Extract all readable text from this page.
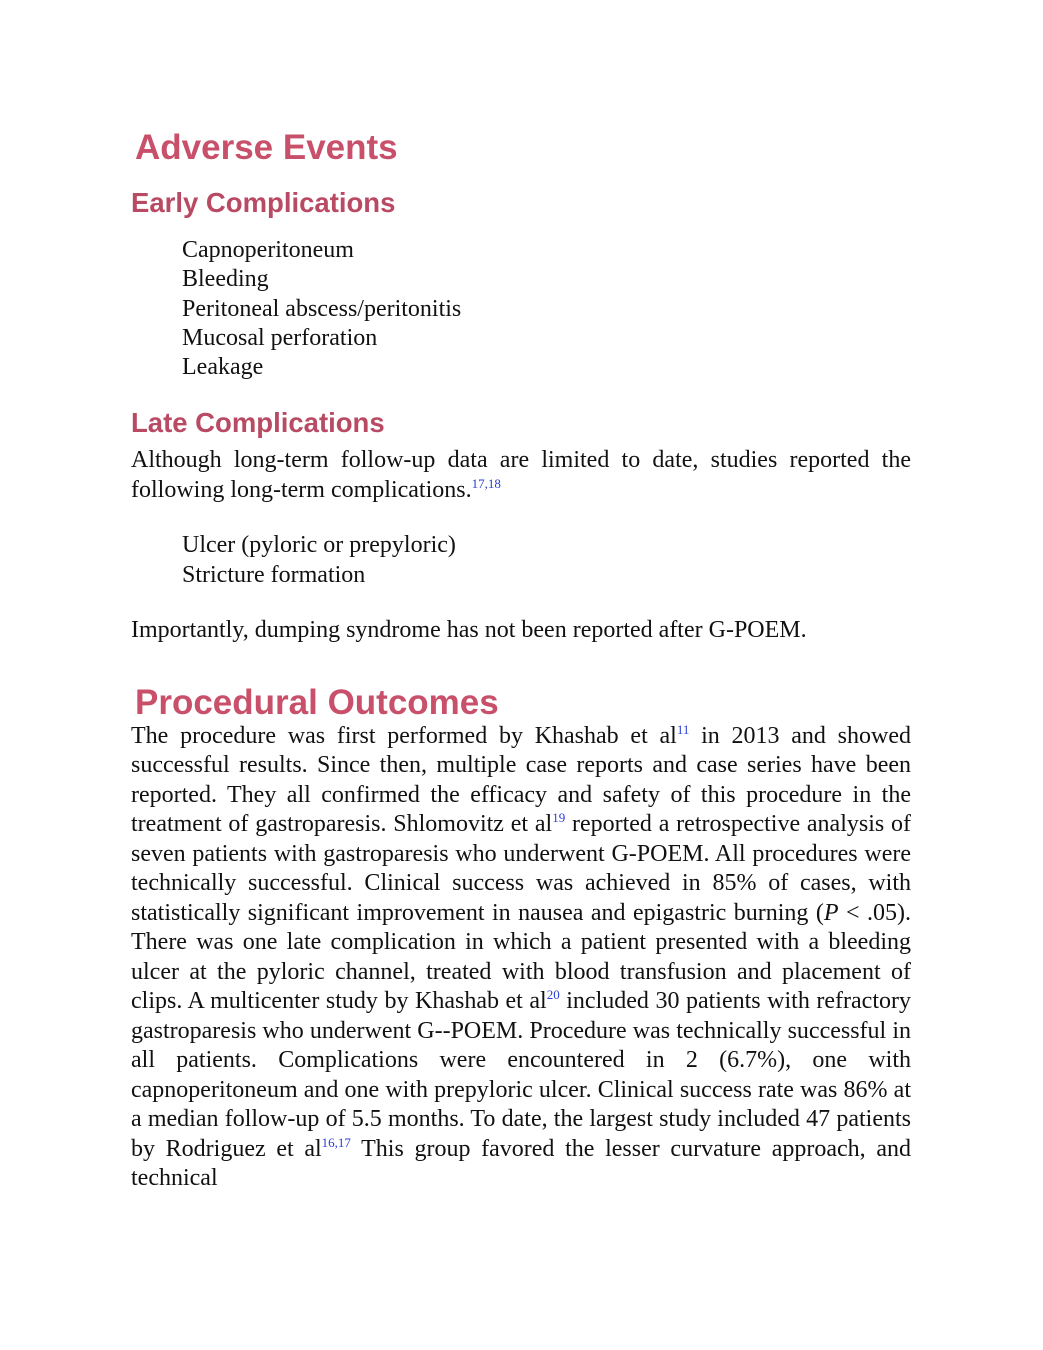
Adverse Events
Early Complications
Capnoperitoneum
Bleeding
Peritoneal abscess/peritonitis
Mucosal perforation
Leakage
Late Complications

Although long-term follow-up data are limited to date, studies reported the following long-term complications.$^{17,18}$

Ulcer (pyloric or prepyloric)
Stricture formation

Importantly, dumping syndrome has not been reported after G-POEM.

Procedural Outcomes

The procedure was first performed by Khashab et al$^{11}$ in 2013 and showed successful results. Since then, multiple case reports and case series have been reported. They all confirmed the efficacy and safety of this procedure in the treatment of gastroparesis. Shlomovitz et al$^{19}$ reported a retrospective analysis of seven patients with gastroparesis who underwent G-POEM. All procedures were technically successful. Clinical success was achieved in 85% of cases, with statistically significant improvement in nausea and epigastric burning (P < .05). There was one late complication in which a patient presented with a bleeding ulcer at the pyloric channel, treated with blood transfusion and placement of clips. A multicenter study by Khashab et al$^{20}$ included 30 patients with refractory gastroparesis who underwent G--POEM. Procedure was technically successful in all patients. Complications were encountered in 2 (6.7%), one with capnoperitoneum and one with prepyloric ulcer. Clinical success rate was 86% at a median follow-up of 5.5 months. To date, the largest study included 47 patients by Rodriguez et al$^{16,17}$ This group favored the lesser curvature approach, and technical
